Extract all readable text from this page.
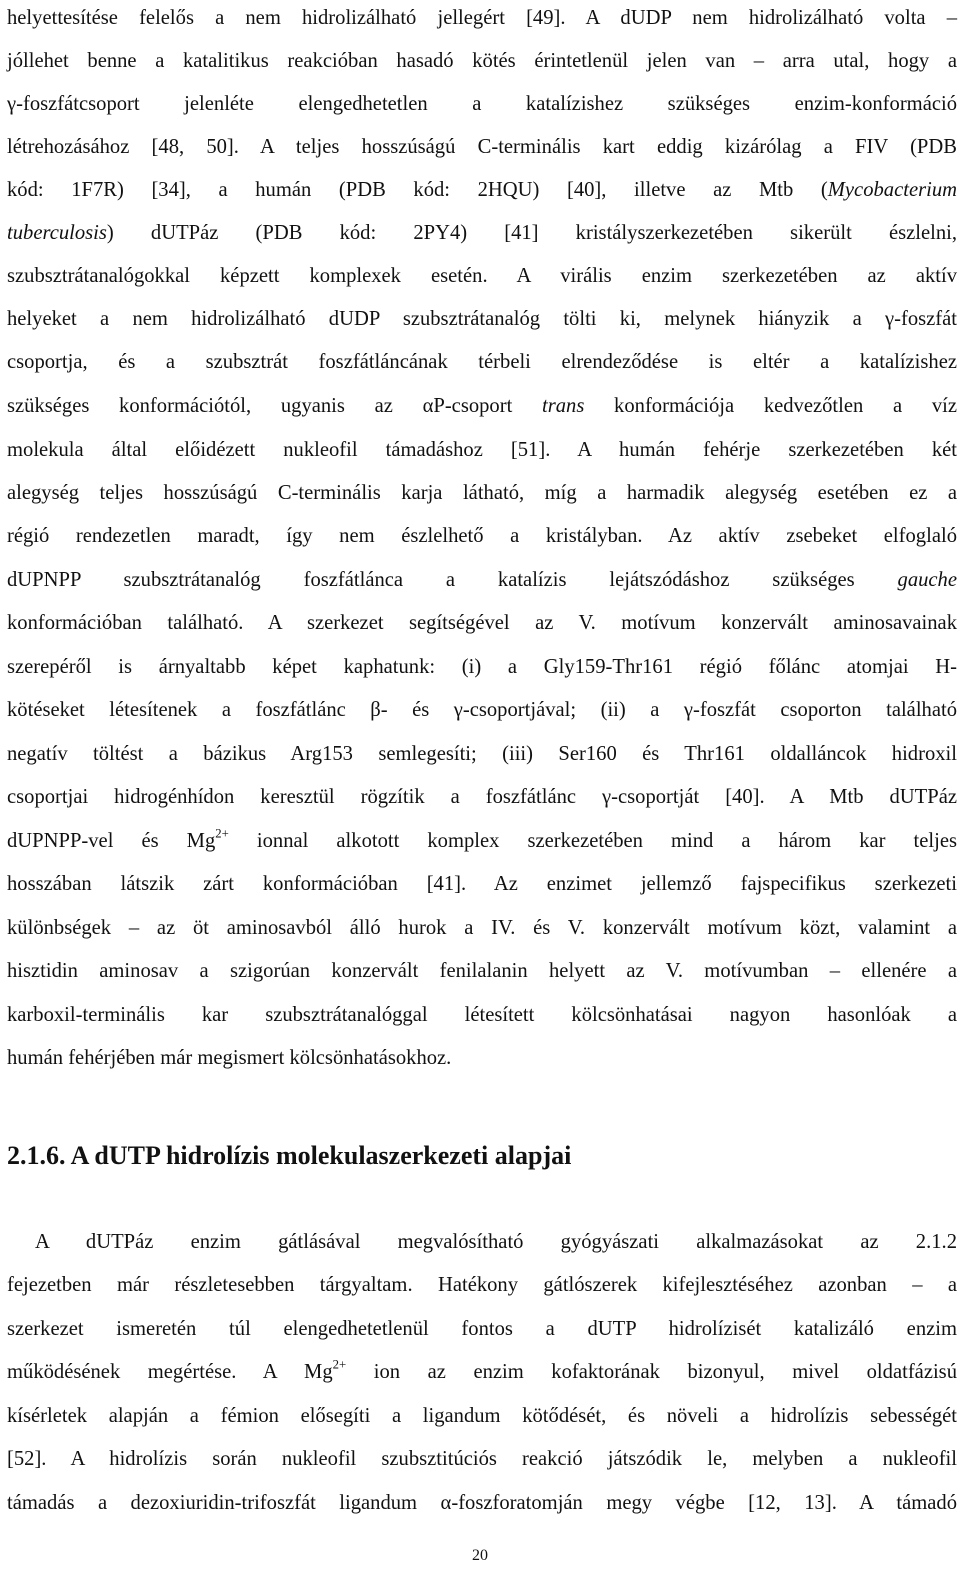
helyettesítése felelős a nem hidrolizálható jellegért [49]. A dUDP nem hidrolizálható volta –
jóllehet benne a katalitikus reakcióban hasadó kötés érintetlenül jelen van – arra utal, hogy a
γ-foszfátcsoport jelenléte elengedhetetlen a katalízishez szükséges enzim-konformáció
létrehozásához [48, 50]. A teljes hosszúságú C-terminális kart eddig kizárólag a FIV (PDB
kód: 1F7R) [34], a humán (PDB kód: 2HQU) [40], illetve az Mtb (Mycobacterium
tuberculosis) dUTPáz (PDB kód: 2PY4) [41] kristályszerkezetében sikerült észlelni,
szubsztrátanalógokkal képzett komplexek esetén. A virális enzim szerkezetében az aktív
helyeket a nem hidrolizálható dUDP szubsztrátanalóg tölti ki, melynek hiányzik a γ-foszfát
csoportja, és a szubsztrát foszfátláncának térbeli elrendeződése is eltér a katalízishez
szükséges konformációtól, ugyanis az αP-csoport trans konformációja kedvezőtlen a víz
molekula által előidézett nukleofil támadáshoz [51]. A humán fehérje szerkezetében két
alegység teljes hosszúságú C-terminális karja látható, míg a harmadik alegység esetében ez a
régió rendezetlen maradt, így nem észlelhető a kristályban. Az aktív zsebeket elfoglaló
dUPNPP szubsztrátanalóg foszfátlánca a katalízis lejátszódáshoz szükséges gauche
konformációban található. A szerkezet segítségével az V. motívum konzervált aminosavainak
szerepéről is árnyaltabb képet kaphatunk: (i) a Gly159-Thr161 régió főlánc atomjai H-
kötéseket létesítenek a foszfátlánc β- és γ-csoportjával; (ii) a γ-foszfát csoporton található
negatív töltést a bázikus Arg153 semlegesíti; (iii) Ser160 és Thr161 oldalláncok hidroxil
csoportjai hidrogénhídon keresztül rögzítik a foszfátlánc γ-csoportját [40]. A Mtb dUTPáz
dUPNPP-vel és $Mg^{2+}$ ionnal alkotott komplex szerkezetében mind a három kar teljes
hosszában látszik zárt konformációban [41]. Az enzimet jellemző fajspecifikus szerkezeti
különbségek – az öt aminosavból álló hurok a IV. és V. konzervált motívum közt, valamint a
hisztidin aminosav a szigorúan konzervált fenilalanin helyett az V. motívumban – ellenére a
karboxil-terminális kar szubsztrátanalóggal létesített kölcsönhatásai nagyon hasonlóak a
humán fehérjében már megismert kölcsönhatásokhoz.
2.1.6. A dUTP hidrolízis molekulaszerkezeti alapjai
A dUTPáz enzim gátlásával megvalósítható gyógyászati alkalmazásokat az 2.1.2
fejezetben már részletesebben tárgyaltam. Hatékony gátlószerek kifejlesztéséhez azonban – a
szerkezet ismeretén túl elengedhetetlenül fontos a dUTP hidrolízisét katalizáló enzim
működésének megértése. A $Mg^{2+}$ ion az enzim kofaktorának bizonyul, mivel oldatfázisú
kísérletek alapján a fémion elősegíti a ligandum kötődését, és növeli a hidrolízis sebességét
[52]. A hidrolízis során nukleofil szubsztitúciós reakció játszódik le, melyben a nukleofil
támadás a dezoxiuridin-trifoszfát ligandum α-foszforatomján megy végbe [12, 13]. A támadó
20
